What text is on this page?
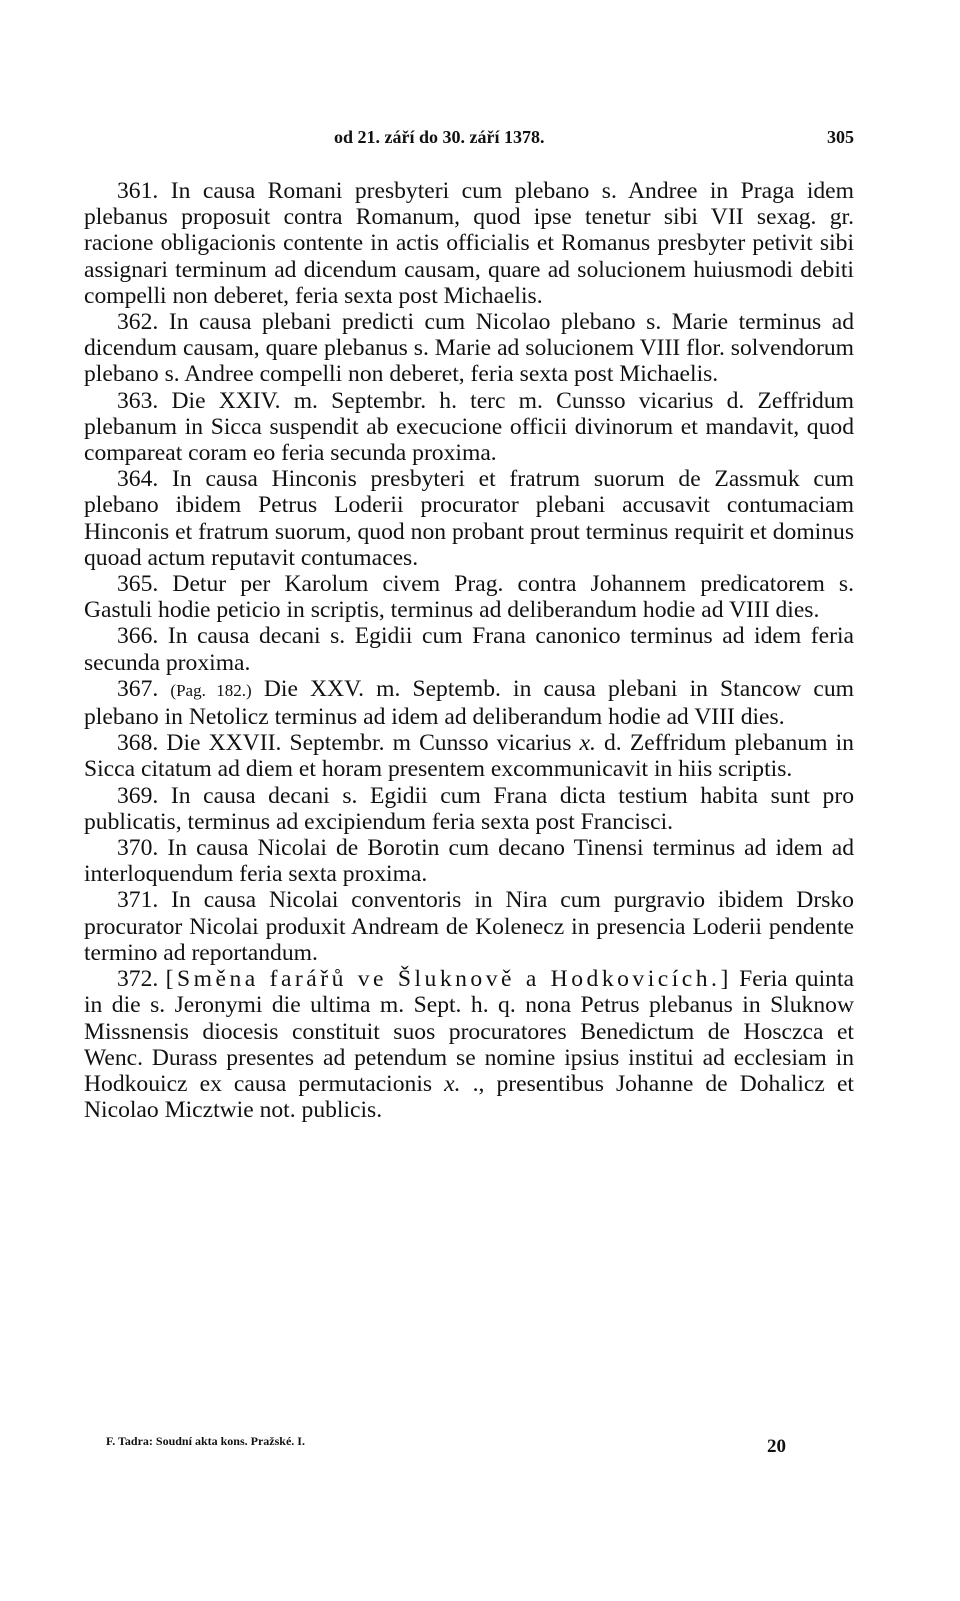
od 21. září do 30. září 1378.	305

361. In causa Romani presbyteri cum plebano s. Andree in Praga idem plebanus proposuit contra Romanum, quod ipse tenetur sibi VII sexag. gr. racione obligacionis contente in actis officialis et Romanus presbyter petivit sibi assignari terminum ad dicendum causam, quare ad solucionem huiusmodi debiti compelli non deberet, feria sexta post Michaelis.

362. In causa plebani predicti cum Nicolao plebano s. Marie terminus ad dicendum causam, quare plebanus s. Marie ad solucionem VIII flor. solvendorum plebano s. Andree compelli non deberet, feria sexta post Michaelis.

363. Die XXIV. m. Septembr. h. terc m. Cunsso vicarius d. Zeffridum plebanum in Sicca suspendit ab execucione officii divinorum et mandavit, quod compareat coram eo feria secunda proxima.

364. In causa Hinconis presbyteri et fratrum suorum de Zassmuk cum plebano ibidem Petrus Loderii procurator plebani accusavit contumaciam Hinconis et fratrum suorum, quod non probant prout terminus requirit et dominus quoad actum reputavit contumaces.

365. Detur per Karolum civem Prag. contra Johannem predicatorem s. Gastuli hodie peticio in scriptis, terminus ad deliberandum hodie ad VIII dies.

366. In causa decani s. Egidii cum Frana canonico terminus ad idem feria secunda proxima.

367. (Pag. 182.) Die XXV. m. Septemb. in causa plebani in Stancow cum plebano in Netolicz terminus ad idem ad deliberandum hodie ad VIII dies.

368. Die XXVII. Septembr. m Cunsso vicarius x. d. Zeffridum plebanum in Sicca citatum ad diem et horam presentem excommunicavit in hiis scriptis.

369. In causa decani s. Egidii cum Frana dicta testium habita sunt pro publicatis, terminus ad excipiendum feria sexta post Francisci.

370. In causa Nicolai de Borotin cum decano Tinensi terminus ad idem ad interloquendum feria sexta proxima.

371. In causa Nicolai conventoris in Nira cum purgravio ibidem Drsko procurator Nicolai produxit Andream de Kolenecz in presencia Loderii pendente termino ad reportandum.

372. [Směna farářů ve Šluknově a Hodkovicích.] Feria quinta in die s. Jeronymi die ultima m. Sept. h. q. nona Petrus plebanus in Sluknow Missnensis diocesis constituit suos procuratores Benedictum de Hosczca et Wenc. Durass presentes ad petendum se nomine ipsius institui ad ecclesiam in Hodkouicz ex causa permutacionis x. ., presentibus Johanne de Dohalicz et Nicolao Micztwie not. publicis.

F. Tadra: Soudní akta kons. Pražské. I.	20
